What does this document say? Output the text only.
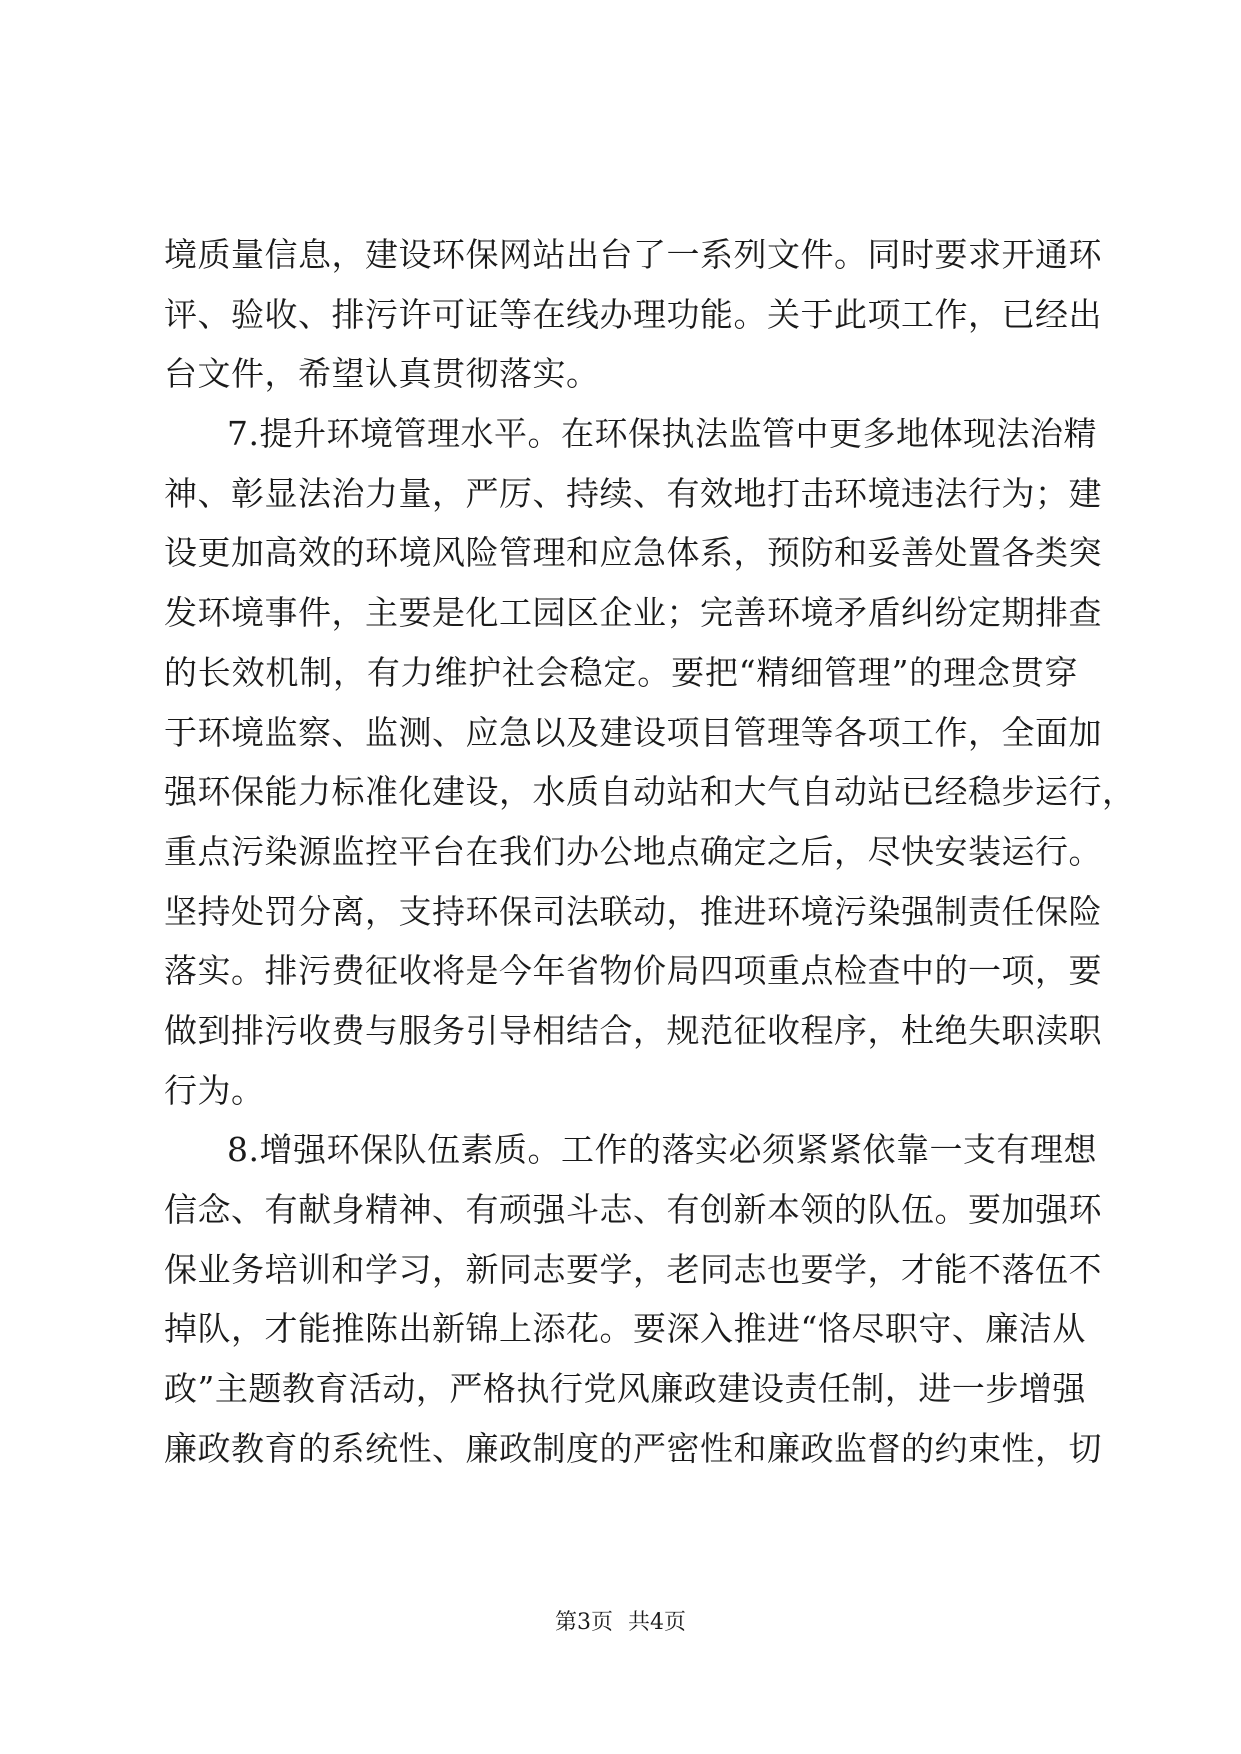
境质量信息，建设环保网站出台了一系列文件。同时要求开通环
评、验收、排污许可证等在线办理功能。关于此项工作，已经出
台文件，希望认真贯彻落实。
7.提升环境管理水平。在环保执法监管中更多地体现法治精
神、彰显法治力量，严厉、持续、有效地打击环境违法行为；建
设更加高效的环境风险管理和应急体系，预防和妥善处置各类突
发环境事件，主要是化工园区企业；完善环境矛盾纠纷定期排查
的长效机制，有力维护社会稳定。要把“精细管理”的理念贯穿
于环境监察、监测、应急以及建设项目管理等各项工作，全面加
强环保能力标准化建设，水质自动站和大气自动站已经稳步运行，
重点污染源监控平台在我们办公地点确定之后，尽快安装运行。
坚持处罚分离，支持环保司法联动，推进环境污染强制责任保险
落实。排污费征收将是今年省物价局四项重点检查中的一项，要
做到排污收费与服务引导相结合，规范征收程序，杜绝失职渎职
行为。
8.增强环保队伍素质。工作的落实必须紧紧依靠一支有理想
信念、有献身精神、有顽强斗志、有创新本领的队伍。要加强环
保业务培训和学习，新同志要学，老同志也要学，才能不落伍不
掉队，才能推陈出新锦上添花。要深入推进“恪尽职守、廉洁从
政”主题教育活动，严格执行党风廉政建设责任制，进一步增强
廉政教育的系统性、廉政制度的严密性和廉政监督的约束性，切
第3页 共4页
